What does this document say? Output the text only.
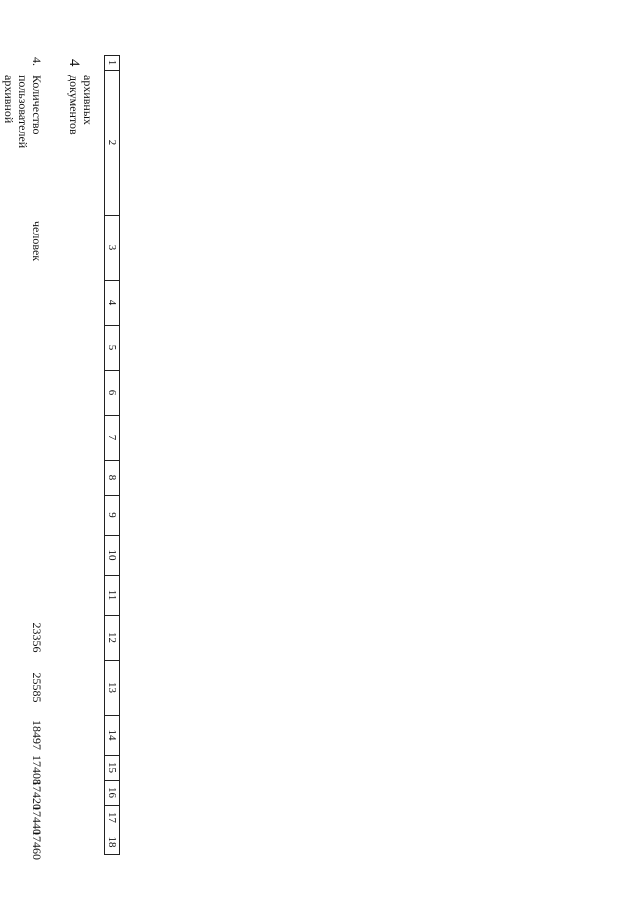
4 1
2
3
4
5
6
7
8
9
10
11
12
13
14
15
16
17
18
архивных документов
4.
Количество пользователей архивной
человек
23356
25585
18497
17408
17420
17440
17460
